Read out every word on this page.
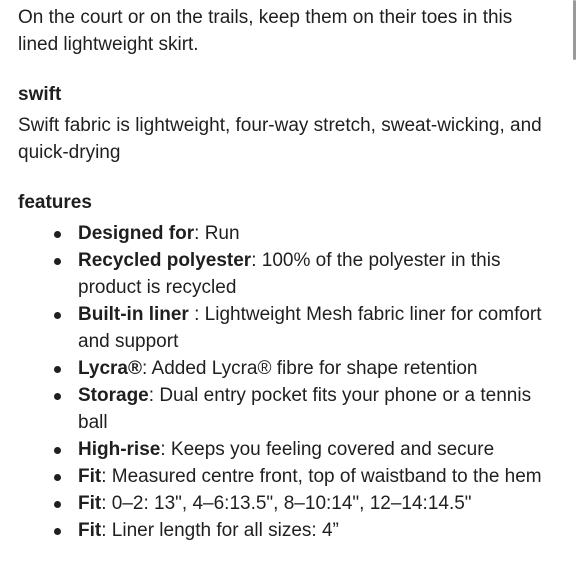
On the court or on the trails, keep them on their toes in this lined lightweight skirt.

swift

Swift fabric is lightweight, four-way stretch, sweat-wicking, and quick-drying

features
Designed for: Run
Recycled polyester: 100% of the polyester in this product is recycled
Built-in liner : Lightweight Mesh fabric liner for comfort and support
Lycra®: Added Lycra® fibre for shape retention
Storage: Dual entry pocket fits your phone or a tennis ball
High-rise: Keeps you feeling covered and secure
Fit: Measured centre front, top of waistband to the hem
Fit: 0–2: 13", 4–6:13.5", 8–10:14", 12–14:14.5"
Fit: Liner length for all sizes: 4”
